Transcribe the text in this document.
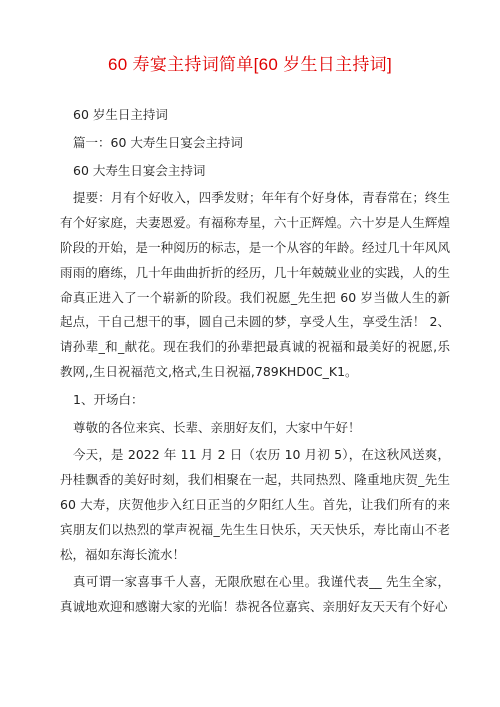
60 寿宴主持词简单[60 岁生日主持词]

60 岁生日主持词

篇一：60 大寿生日宴会主持词

60 大寿生日宴会主持词

提要：月有个好收入，四季发财；年年有个好身体，青春常在；终生有个好家庭，夫妻恩爱。有福称寿星，六十正辉煌。六十岁是人生辉煌阶段的开始，是一种阅历的标志，是一个从容的年龄。经过几十年风风雨雨的磨练，几十年曲曲折折的经历，几十年兢兢业业的实践，人的生命真正进入了一个崭新的阶段。我们祝愿_先生把 60 岁当做人生的新起点，干自己想干的事，圆自己未圆的梦，享受人生，享受生活！ 2、请孙辈_和_献花。现在我们的孙辈把最真诚的祝福和最美好的祝愿,乐教网,,生日祝福范文,格式,生日祝福,789KHD0C_K1。

1、开场白：

尊敬的各位来宾、长辈、亲朋好友们，大家中午好！

今天，是 2022 年 11 月 2 日（农历 10 月初 5），在这秋风送爽，丹桂飘香的美好时刻，我们相聚在一起，共同热烈、隆重地庆贺_先生 60 大寿，庆贺他步入红日正当的夕阳红人生。首先，让我们所有的来宾朋友们以热烈的掌声祝福_先生生日快乐，天天快乐，寿比南山不老松，福如东海长流水！

真可谓一家喜事千人喜，无限欣慰在心里。我谨代表__ 先生全家，真诚地欢迎和感谢大家的光临！恭祝各位嘉宾、亲朋好友天天有个好心
